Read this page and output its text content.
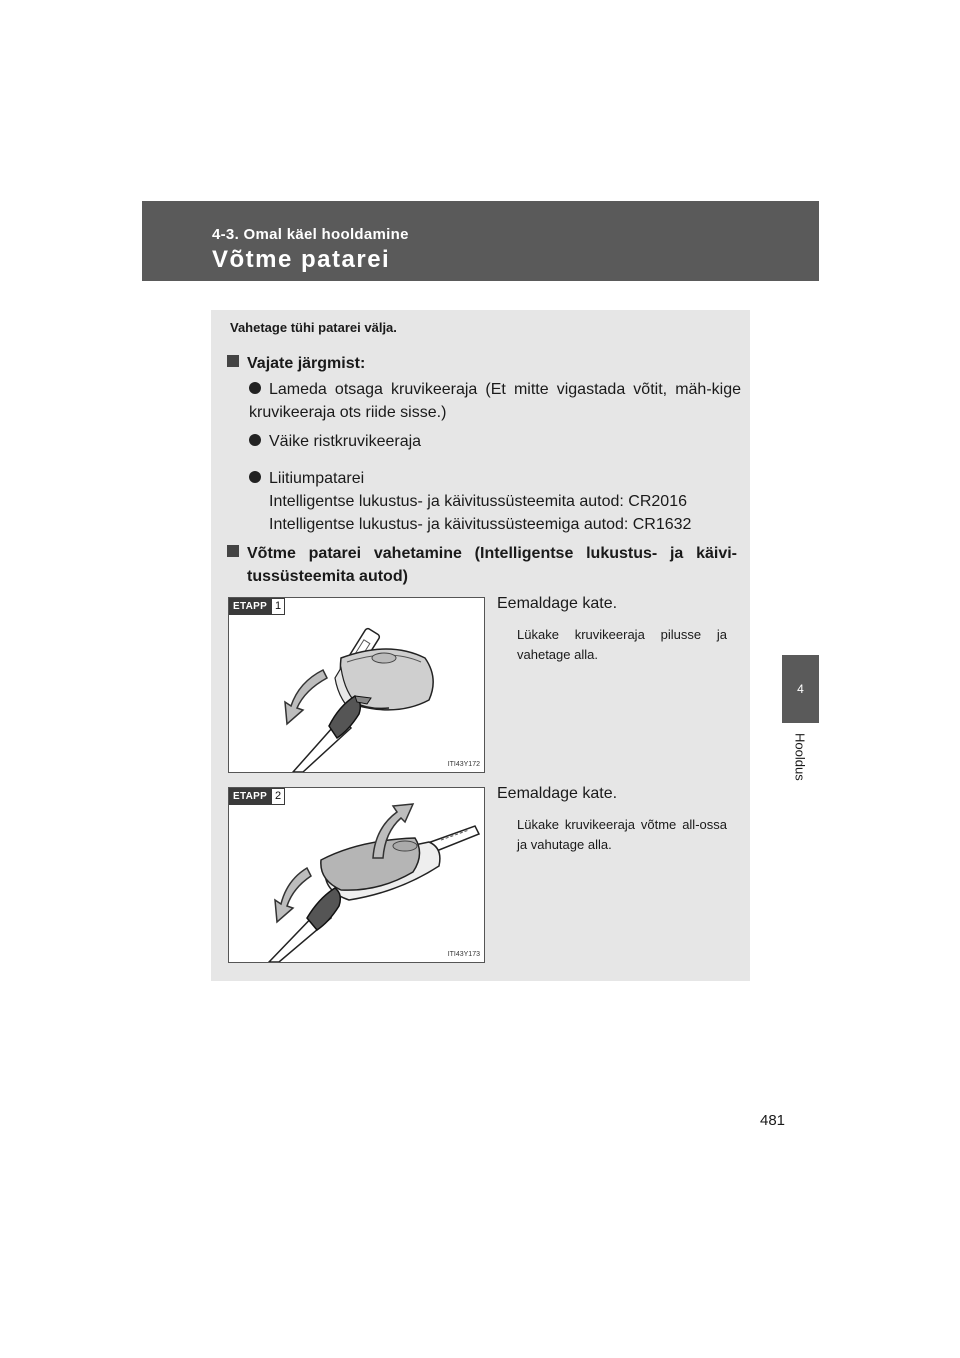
4-3. Omal käel hooldamine
Võtme patarei
4
Hooldus
Vahetage tühi patarei välja.
Vajate järgmist:
Lameda otsaga kruvikeeraja (Et mitte vigastada võtit, mäh-kige kruvikeeraja ots riide sisse.)
Väike ristkruvikeeraja
Liitiumpatarei
Intelligentse lukustus- ja käivitussüsteemita autod: CR2016
Intelligentse lukustus- ja käivitussüsteemiga autod: CR1632
Võtme patarei vahetamine (Intelligentse lukustus- ja käivi-tussüsteemita autod)
ETAPP 1
ITI43Y172
Eemaldage kate.
Lükake kruvikeeraja pilusse ja vahetage alla.
ETAPP 2
ITI43Y173
Eemaldage kate.
Lükake kruvikeeraja võtme all-ossa ja vahutage alla.
481
